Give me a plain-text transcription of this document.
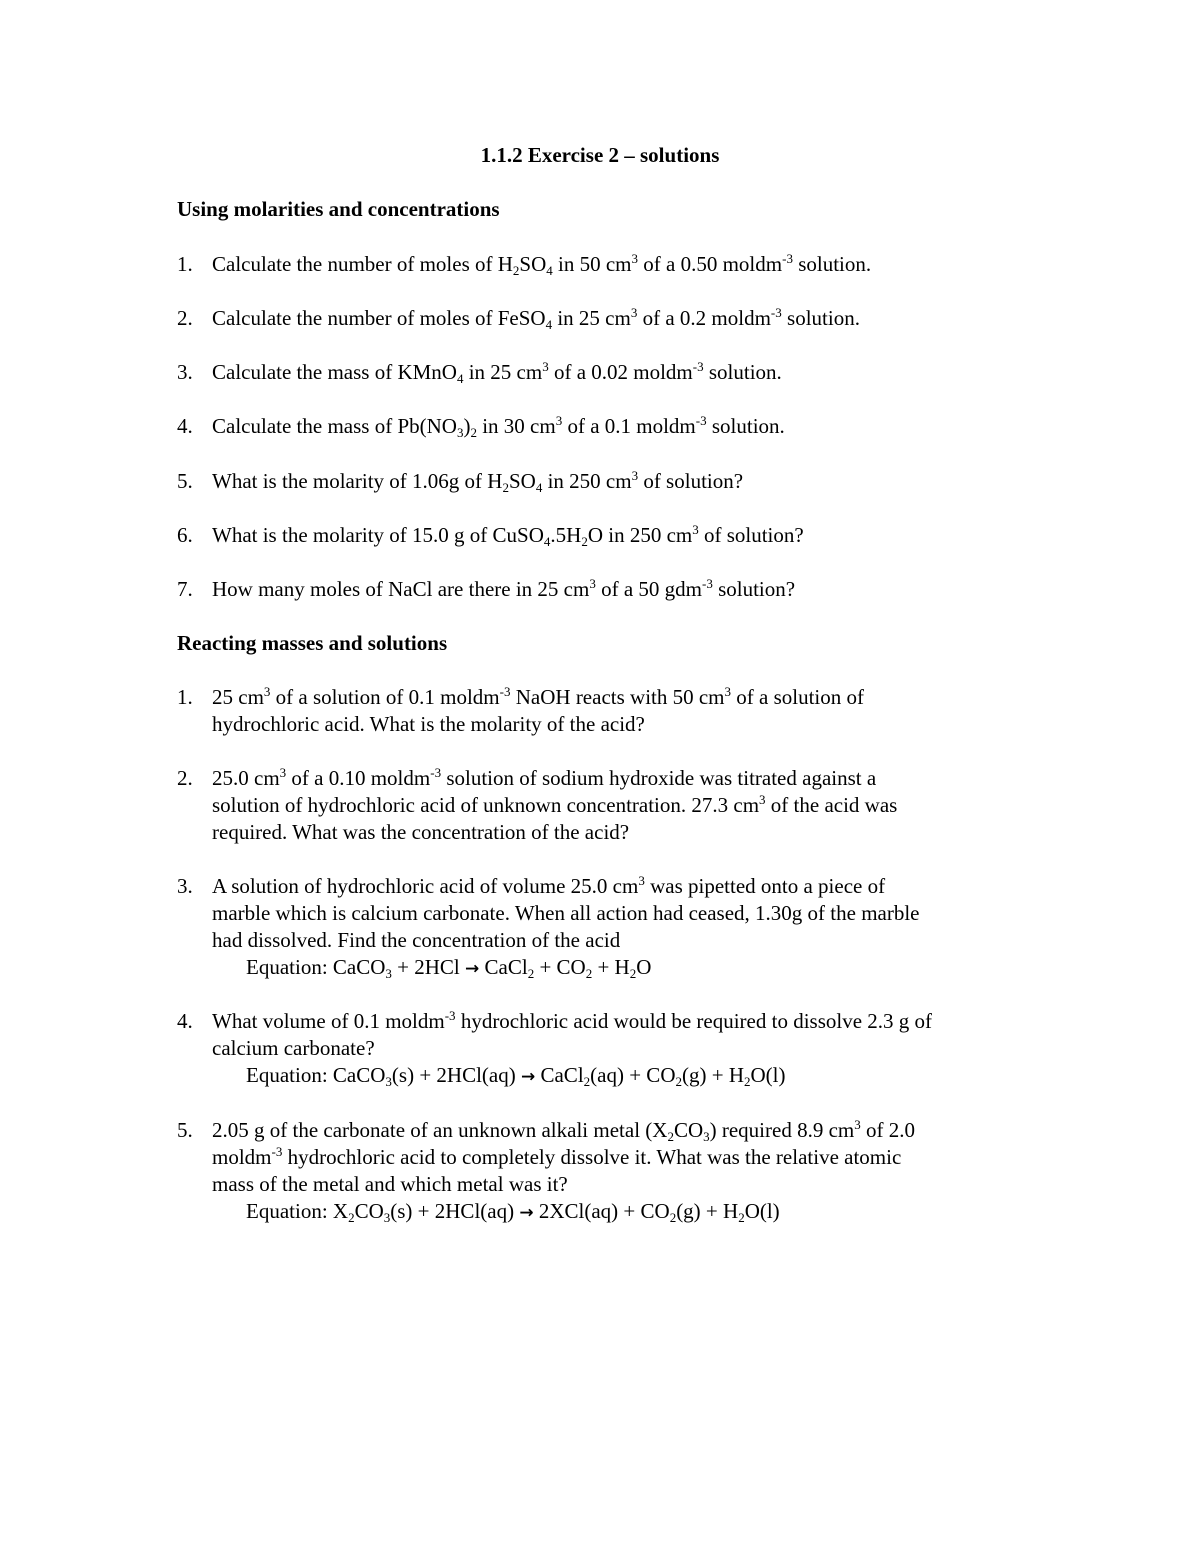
1.1.2 Exercise 2 – solutions
Using molarities and concentrations
1. Calculate the number of moles of $H_2SO_4$ in 50 $cm^3$ of a 0.50 moldm$^{-3}$ solution.
2. Calculate the number of moles of FeSO$_4$ in 25 $cm^3$ of a 0.2 moldm$^{-3}$ solution.
3. Calculate the mass of KMnO$_4$ in 25 $cm^3$ of a 0.02 moldm$^{-3}$ solution.
4. Calculate the mass of $Pb(NO_3)_2$ in 30 $cm^3$ of a 0.1 moldm$^{-3}$ solution.
5. What is the molarity of 1.06g of $H_2SO_4$ in 250 $cm^3$ of solution?
6. What is the molarity of 15.0 g of $CuSO_4.5H_2O$ in 250 $cm^3$ of solution?
7. How many moles of NaCl are there in 25 $cm^3$ of a 50 gdm$^{-3}$ solution?
Reacting masses and solutions
1. 25 $cm^3$ of a solution of 0.1 moldm$^{-3}$ NaOH reacts with 50 $cm^3$ of a solution of
hydrochloric acid. What is the molarity of the acid?
2. 25.0 $cm^3$ of a 0.10 moldm$^{-3}$ solution of sodium hydroxide was titrated against a
solution of hydrochloric acid of unknown concentration. 27.3 $cm^3$ of the acid was
required. What was the concentration of the acid?
3. A solution of hydrochloric acid of volume 25.0 $cm^3$ was pipetted onto a piece of
marble which is calcium carbonate. When all action had ceased, 1.30g of the marble
had dissolved. Find the concentration of the acid
Equation: CaCO$_3$ + 2HCl → CaCl$_2$ + $CO_2 + H_2O$
4. What volume of 0.1 moldm$^{-3}$ hydrochloric acid would be required to dissolve 2.3 g of
calcium carbonate?
Equation: CaCO$_3$(s) + 2HCl(aq) → CaCl$_2$(aq) + $CO_2(g) + H_2O(l)$
5. 2.05 g of the carbonate of an unknown alkali metal $(X_2CO_3)$ required 8.9 $cm^3$ of 2.0
moldm$^{-3}$ hydrochloric acid to completely dissolve it. What was the relative atomic
mass of the metal and which metal was it?
Equation: $X_2CO_3(s) + 2HCl(aq) \to 2XCl(aq) + CO_2(g) + H_2O(l)$
